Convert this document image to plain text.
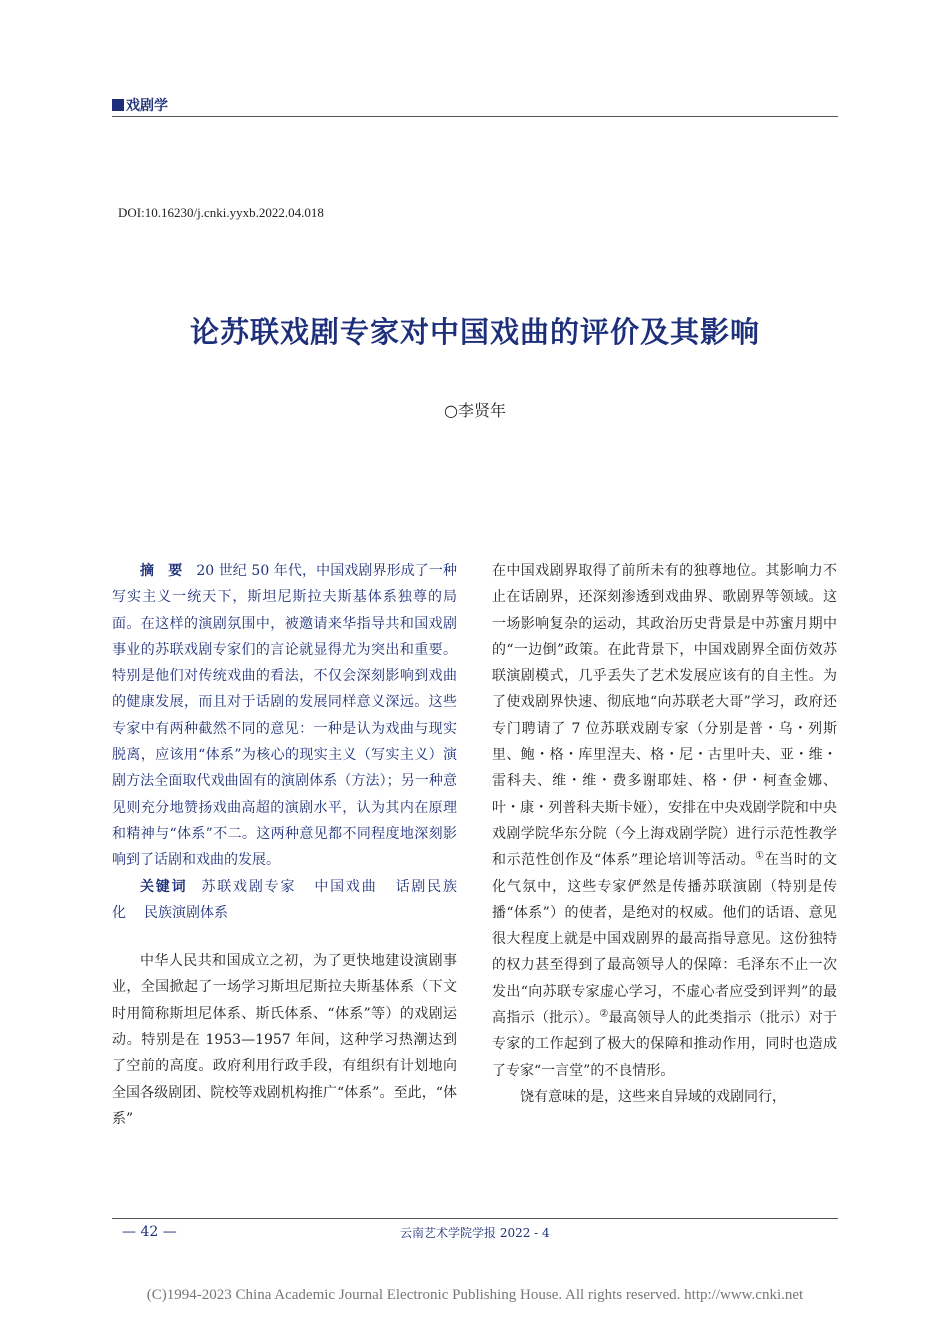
戏剧学
DOI:10.16230/j.cnki.yyxb.2022.04.018
论苏联戏剧专家对中国戏曲的评价及其影响
○李贤年

摘　要 20 世纪 50 年代，中国戏剧界形成了一种写实主义一统天下，斯坦尼斯拉夫斯基体系独尊的局面。在这样的演剧氛围中，被邀请来华指导共和国戏剧事业的苏联戏剧专家们的言论就显得尤为突出和重要。特别是他们对传统戏曲的看法，不仅会深刻影响到戏曲的健康发展，而且对于话剧的发展同样意义深远。这些专家中有两种截然不同的意见：一种是认为戏曲与现实脱离，应该用“体系”为核心的现实主义（写实主义）演剧方法全面取代戏曲固有的演剧体系（方法）；另一种意见则充分地赞扬戏曲高超的演剧水平，认为其内在原理和精神与“体系”不二。这两种意见都不同程度地深刻影响到了话剧和戏曲的发展。

关键词 苏联戏剧专家 中国戏曲 话剧民族化 民族演剧体系

中华人民共和国成立之初，为了更快地建设演剧事业，全国掀起了一场学习斯坦尼斯拉夫斯基体系（下文时用简称斯坦尼体系、斯氏体系、“体系”等）的戏剧运动。特别是在 1953—1957 年间，这种学习热潮达到了空前的高度。政府利用行政手段，有组织有计划地向全国各级剧团、院校等戏剧机构推广“体系”。至此，“体系”

在中国戏剧界取得了前所未有的独尊地位。其影响力不止在话剧界，还深刻渗透到戏曲界、歌剧界等领域。这一场影响复杂的运动，其政治历史背景是中苏蜜月期中的“一边倒”政策。在此背景下，中国戏剧界全面仿效苏联演剧模式，几乎丢失了艺术发展应该有的自主性。为了使戏剧界快速、彻底地“向苏联老大哥”学习，政府还专门聘请了 7 位苏联戏剧专家（分别是普・乌・列斯里、鲍・格・库里涅夫、格・尼・古里叶夫、亚・维・雷科夫、维・维・费多谢耶娃、格・伊・柯查金娜、叶・康・列普科夫斯卡娅），安排在中央戏剧学院和中央戏剧学院华东分院（今上海戏剧学院）进行示范性教学和示范性创作及“体系”理论培训等活动。①在当时的文化气氛中，这些专家俨然是传播苏联演剧（特别是传播“体系”）的使者，是绝对的权威。他们的话语、意见很大程度上就是中国戏剧界的最高指导意见。这份独特的权力甚至得到了最高领导人的保障：毛泽东不止一次发出“向苏联专家虚心学习，不虚心者应受到评判”的最高指示（批示）。②最高领导人的此类指示（批示）对于专家的工作起到了极大的保障和推动作用，同时也造成了专家“一言堂”的不良情形。

饶有意味的是，这些来自异域的戏剧同行，

— 42 —	云南艺术学院学报 2022 - 4
(C)1994-2023 China Academic Journal Electronic Publishing House. All rights reserved. http://www.cnki.net
